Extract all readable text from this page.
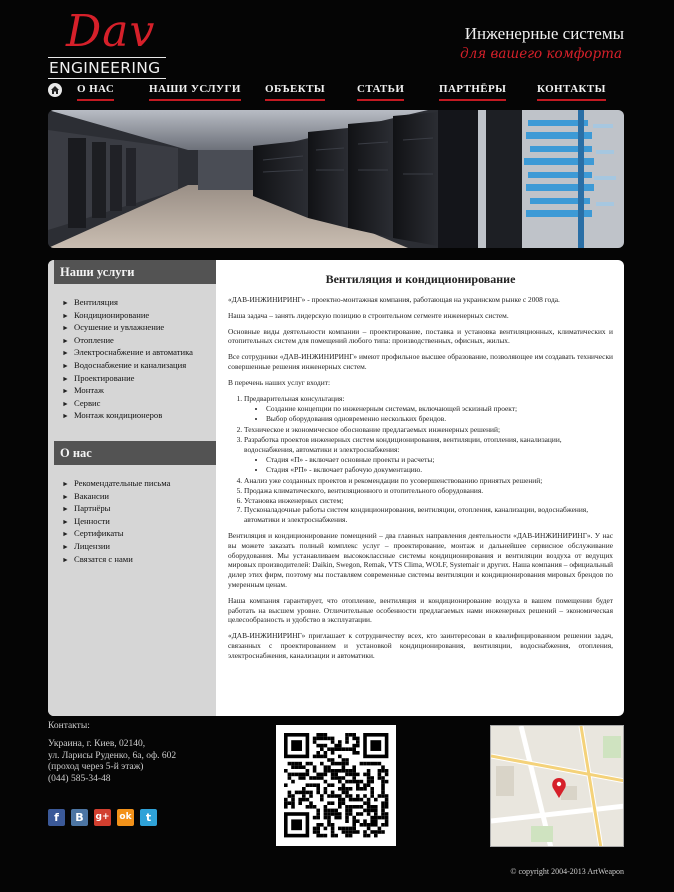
Dav
ENGINEERING
Инженерные системы
для вашего комфорта
О НАС	НАШИ УСЛУГИ ОБЪЕКТЫ	СТАТЬИ	ПАРТНЁРЫ	КОНТАКТЫ
Наши услуги
► Вентиляция
► Кондиционирование
► Осушение и увлажнение
► Отопление
► Электроснабжение и автоматика
► Водоснабжение и канализация
► Проектирование
► Монтаж
► Сервис
► Монтаж кондиционеров
О нас
► Рекомендательные письма
► Вакансии
► Партнёры
► Ценности
► Сертификаты
► Лицензии
► Связатся с нами
Вентиляция и кондиционирование

«ДАВ-ИНЖИНИРИНГ» - проектно-монтажная компания, работающая на украинском рынке с 2008 года.

Наша задача – занять лидерскую позицию в строительном сегменте инженерных систем.

Основные виды деятельности компании – проектирование, поставка и установка вентиляционных, климатических и отопительных систем для помещений любого типа: производственных, офисных, жилых.

Все сотрудники «ДАВ-ИНЖИНИРИНГ» имеют профильное высшее образование, позволяющее им создавать технически совершенные решения инженерных систем.

В перечень наших услуг входит:

1. Предварительная консультация:
• Создание концепции по инженерным системам, включающей эскизный проект;
• Выбор оборудования одновременно нескольких брендов.
2. Техническое и экономическое обоснование предлагаемых инженерных решений;
3. Разработка проектов инженерных систем кондиционирования, вентиляции, отопления, канализации, водоснабжения, автоматики и электроснабжения:
• Стадия «П» - включает основные проекты и расчеты;
• Стадия «РП» - включает рабочую документацию.
4. Анализ уже созданных проектов и рекомендации по усовершенствованию принятых решений;
5. Продажа климатического, вентиляционного и отопительного оборудования.
6. Установка инженерных систем;
7. Пусконаладочные работы систем кондиционирования, вентиляции, отопления, канализации, водоснабжения, автоматики и электроснабжения.

Вентиляция и кондиционирование помещений – два главных направления деятельности «ДАВ-ИНЖИНИРИНГ». У нас вы можете заказать полный комплекс услуг – проектирование, монтаж и дальнейшее сервисное обслуживание оборудования. Мы устанавливаем высококлассные системы кондиционирования и вентиляции воздуха от ведущих мировых производителей: Daikin, Swegon, Remak, VTS Clima, WOLF, Systemair и других. Наша компания – официальный дилер этих фирм, поэтому мы поставляем современные системы вентиляции и кондиционирования мировых брендов по умеренным ценам.

Наша компания гарантирует, что отопление, вентиляция и кондиционирование воздуха в вашем помещении будет работать на высшем уровне. Отличительные особенности предлагаемых нами инженерных решений – экономическая целесообразность и удобство в эксплуатации.

«ДАВ-ИНЖИНИРИНГ» приглашает к сотрудничеству всех, кто заинтересован в квалифицированном решении задач, связанных с проектированием и установкой кондиционирования, вентиляции, водоснабжения, отопления, электроснабжения, канализации и автоматики.

Контакты:
Украина, г. Киев, 02140,
ул. Ларисы Руденко, 6а, оф. 602
(проход через 5-й этаж)
(044) 585-34-48
f	B	g+ ok	t
© copyright 2004-2013 ArtWeapon
